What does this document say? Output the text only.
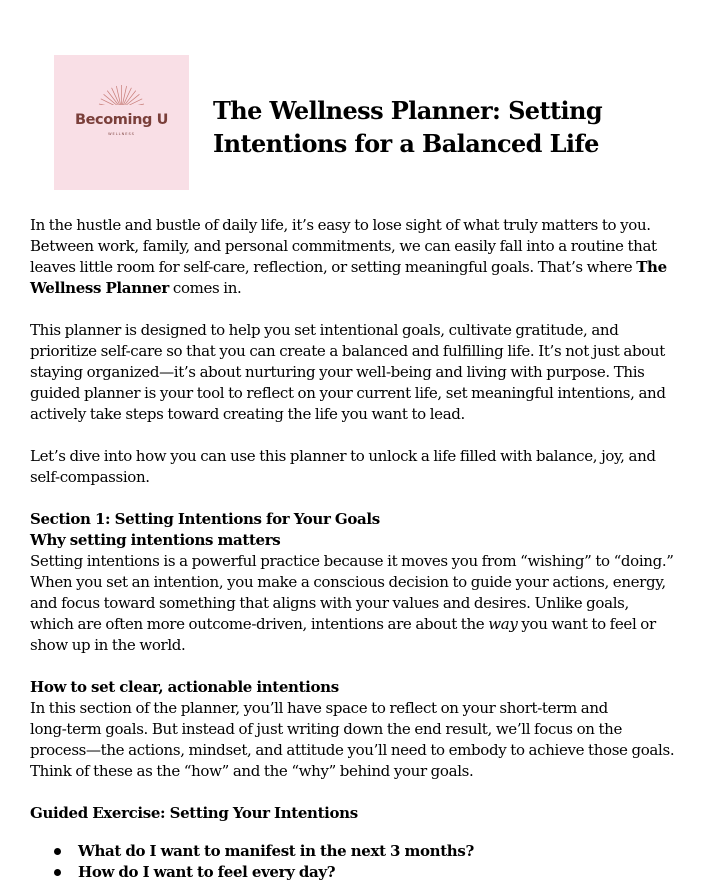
Becoming U
WELLNESS
The Wellness Planner: Setting
Intentions for a Balanced Life
In the hustle and bustle of daily life, it’s easy to lose sight of what truly matters to you.
Between work, family, and personal commitments, we can easily fall into a routine that
leaves little room for self-care, reflection, or setting meaningful goals. That’s where The
Wellness Planner comes in.
This planner is designed to help you set intentional goals, cultivate gratitude, and
prioritize self-care so that you can create a balanced and fulfilling life. It’s not just about
staying organized—it’s about nurturing your well-being and living with purpose. This
guided planner is your tool to reflect on your current life, set meaningful intentions, and
actively take steps toward creating the life you want to lead.
Let’s dive into how you can use this planner to unlock a life filled with balance, joy, and
self-compassion.
Section 1: Setting Intentions for Your Goals
Why setting intentions matters
Setting intentions is a powerful practice because it moves you from “wishing” to “doing.”
When you set an intention, you make a conscious decision to guide your actions, energy,
and focus toward something that aligns with your values and desires. Unlike goals,
which are often more outcome-driven, intentions are about the way you want to feel or
show up in the world.
How to set clear, actionable intentions
In this section of the planner, you’ll have space to reflect on your short-term and
long-term goals. But instead of just writing down the end result, we’ll focus on the
process—the actions, mindset, and attitude you’ll need to embody to achieve those goals.
Think of these as the “how” and the “why” behind your goals.
Guided Exercise: Setting Your Intentions
What do I want to manifest in the next 3 months?
How do I want to feel every day?
